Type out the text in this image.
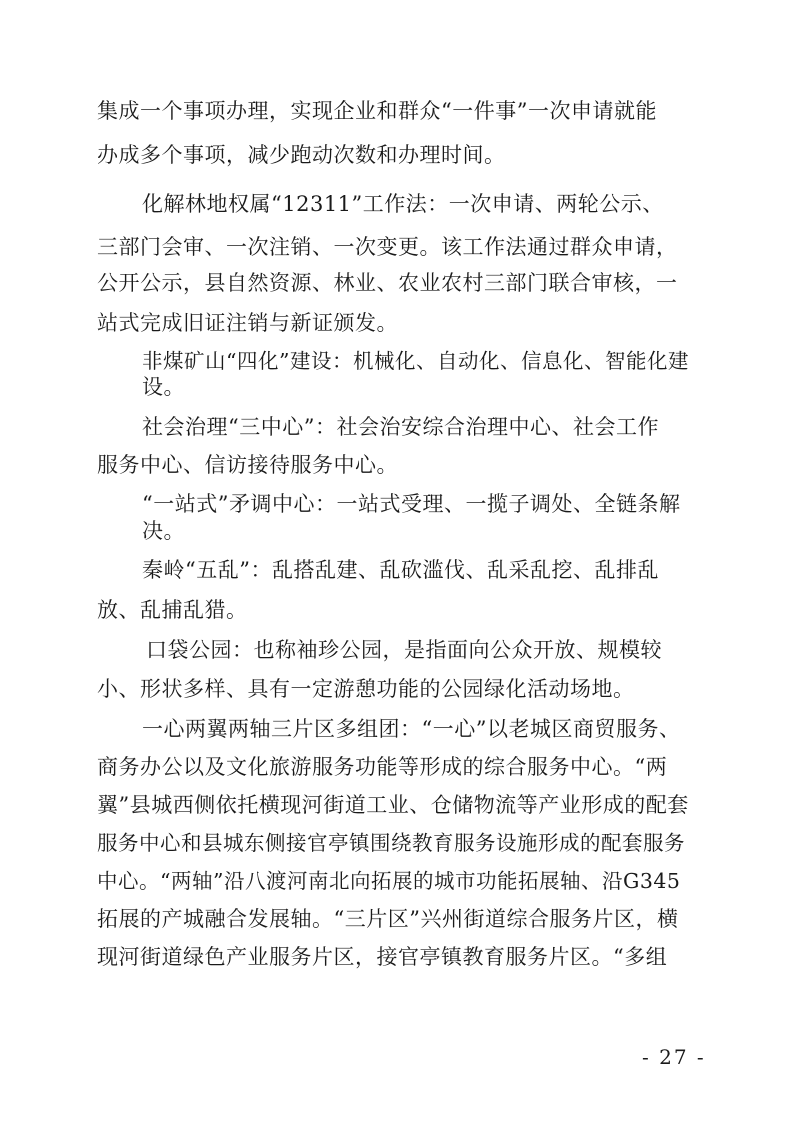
集成一个事项办理，实现企业和群众“一件事”一次申请就能
办成多个事项，减少跑动次数和办理时间。
化解林地权属“12311”工作法：一次申请、两轮公示、
三部门会审、一次注销、一次变更。该工作法通过群众申请，
公开公示，县自然资源、林业、农业农村三部门联合审核，一
站式完成旧证注销与新证颁发。
非煤矿山“四化”建设：机械化、自动化、信息化、智能化建
设。
社会治理“三中心”：社会治安综合治理中心、社会工作
服务中心、信访接待服务中心。
“一站式”矛调中心：一站式受理、一揽子调处、全链条解
决。
秦岭“五乱”：乱搭乱建、乱砍滥伐、乱采乱挖、乱排乱
放、乱捕乱猎。
口袋公园：也称袖珍公园，是指面向公众开放、规模较
小、形状多样、具有一定游憩功能的公园绿化活动场地。
一心两翼两轴三片区多组团：“一心”以老城区商贸服务、
商务办公以及文化旅游服务功能等形成的综合服务中心。“两
翼”县城西侧依托横现河街道工业、仓储物流等产业形成的配套
服务中心和县城东侧接官亭镇围绕教育服务设施形成的配套服务
中心。“两轴”沿八渡河南北向拓展的城市功能拓展轴、沿G345
拓展的产城融合发展轴。“三片区”兴州街道综合服务片区，横
现河街道绿色产业服务片区，接官亭镇教育服务片区。“多组
- 27 -
